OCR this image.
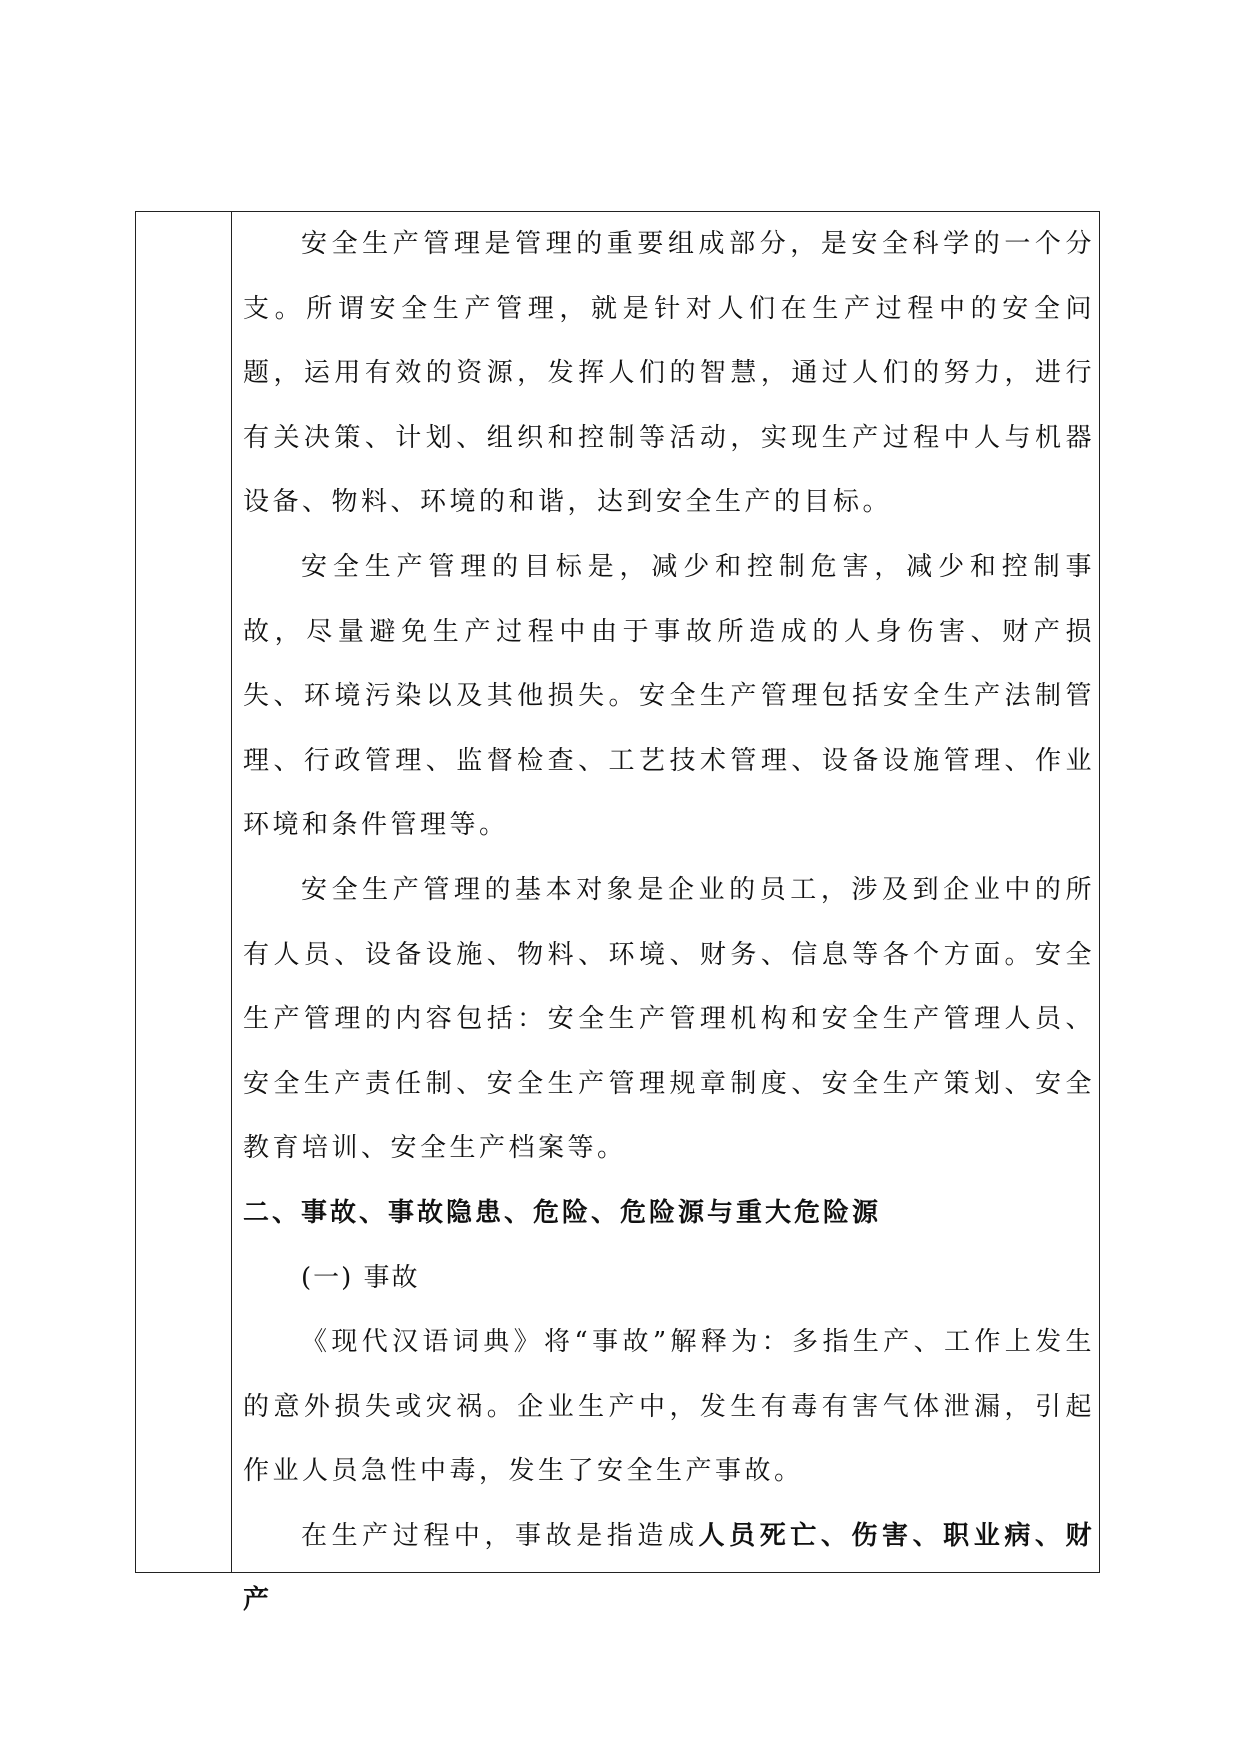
安全生产管理是管理的重要组成部分，是安全科学的一个分支。所谓安全生产管理，就是针对人们在生产过程中的安全问题，运用有效的资源，发挥人们的智慧，通过人们的努力，进行有关决策、计划、组织和控制等活动，实现生产过程中人与机器设备、物料、环境的和谐，达到安全生产的目标。

安全生产管理的目标是，减少和控制危害，减少和控制事故，尽量避免生产过程中由于事故所造成的人身伤害、财产损失、环境污染以及其他损失。安全生产管理包括安全生产法制管理、行政管理、监督检查、工艺技术管理、设备设施管理、作业环境和条件管理等。

安全生产管理的基本对象是企业的员工，涉及到企业中的所有人员、设备设施、物料、环境、财务、信息等各个方面。安全生产管理的内容包括：安全生产管理机构和安全生产管理人员、安全生产责任制、安全生产管理规章制度、安全生产策划、安全教育培训、安全生产档案等。

二、事故、事故隐患、危险、危险源与重大危险源

(一) 事故

《现代汉语词典》将“事故”解释为：多指生产、工作上发生的意外损失或灾祸。企业生产中，发生有毒有害气体泄漏，引起作业人员急性中毒，发生了安全生产事故。

在生产过程中，事故是指造成人员死亡、伤害、职业病、财产
